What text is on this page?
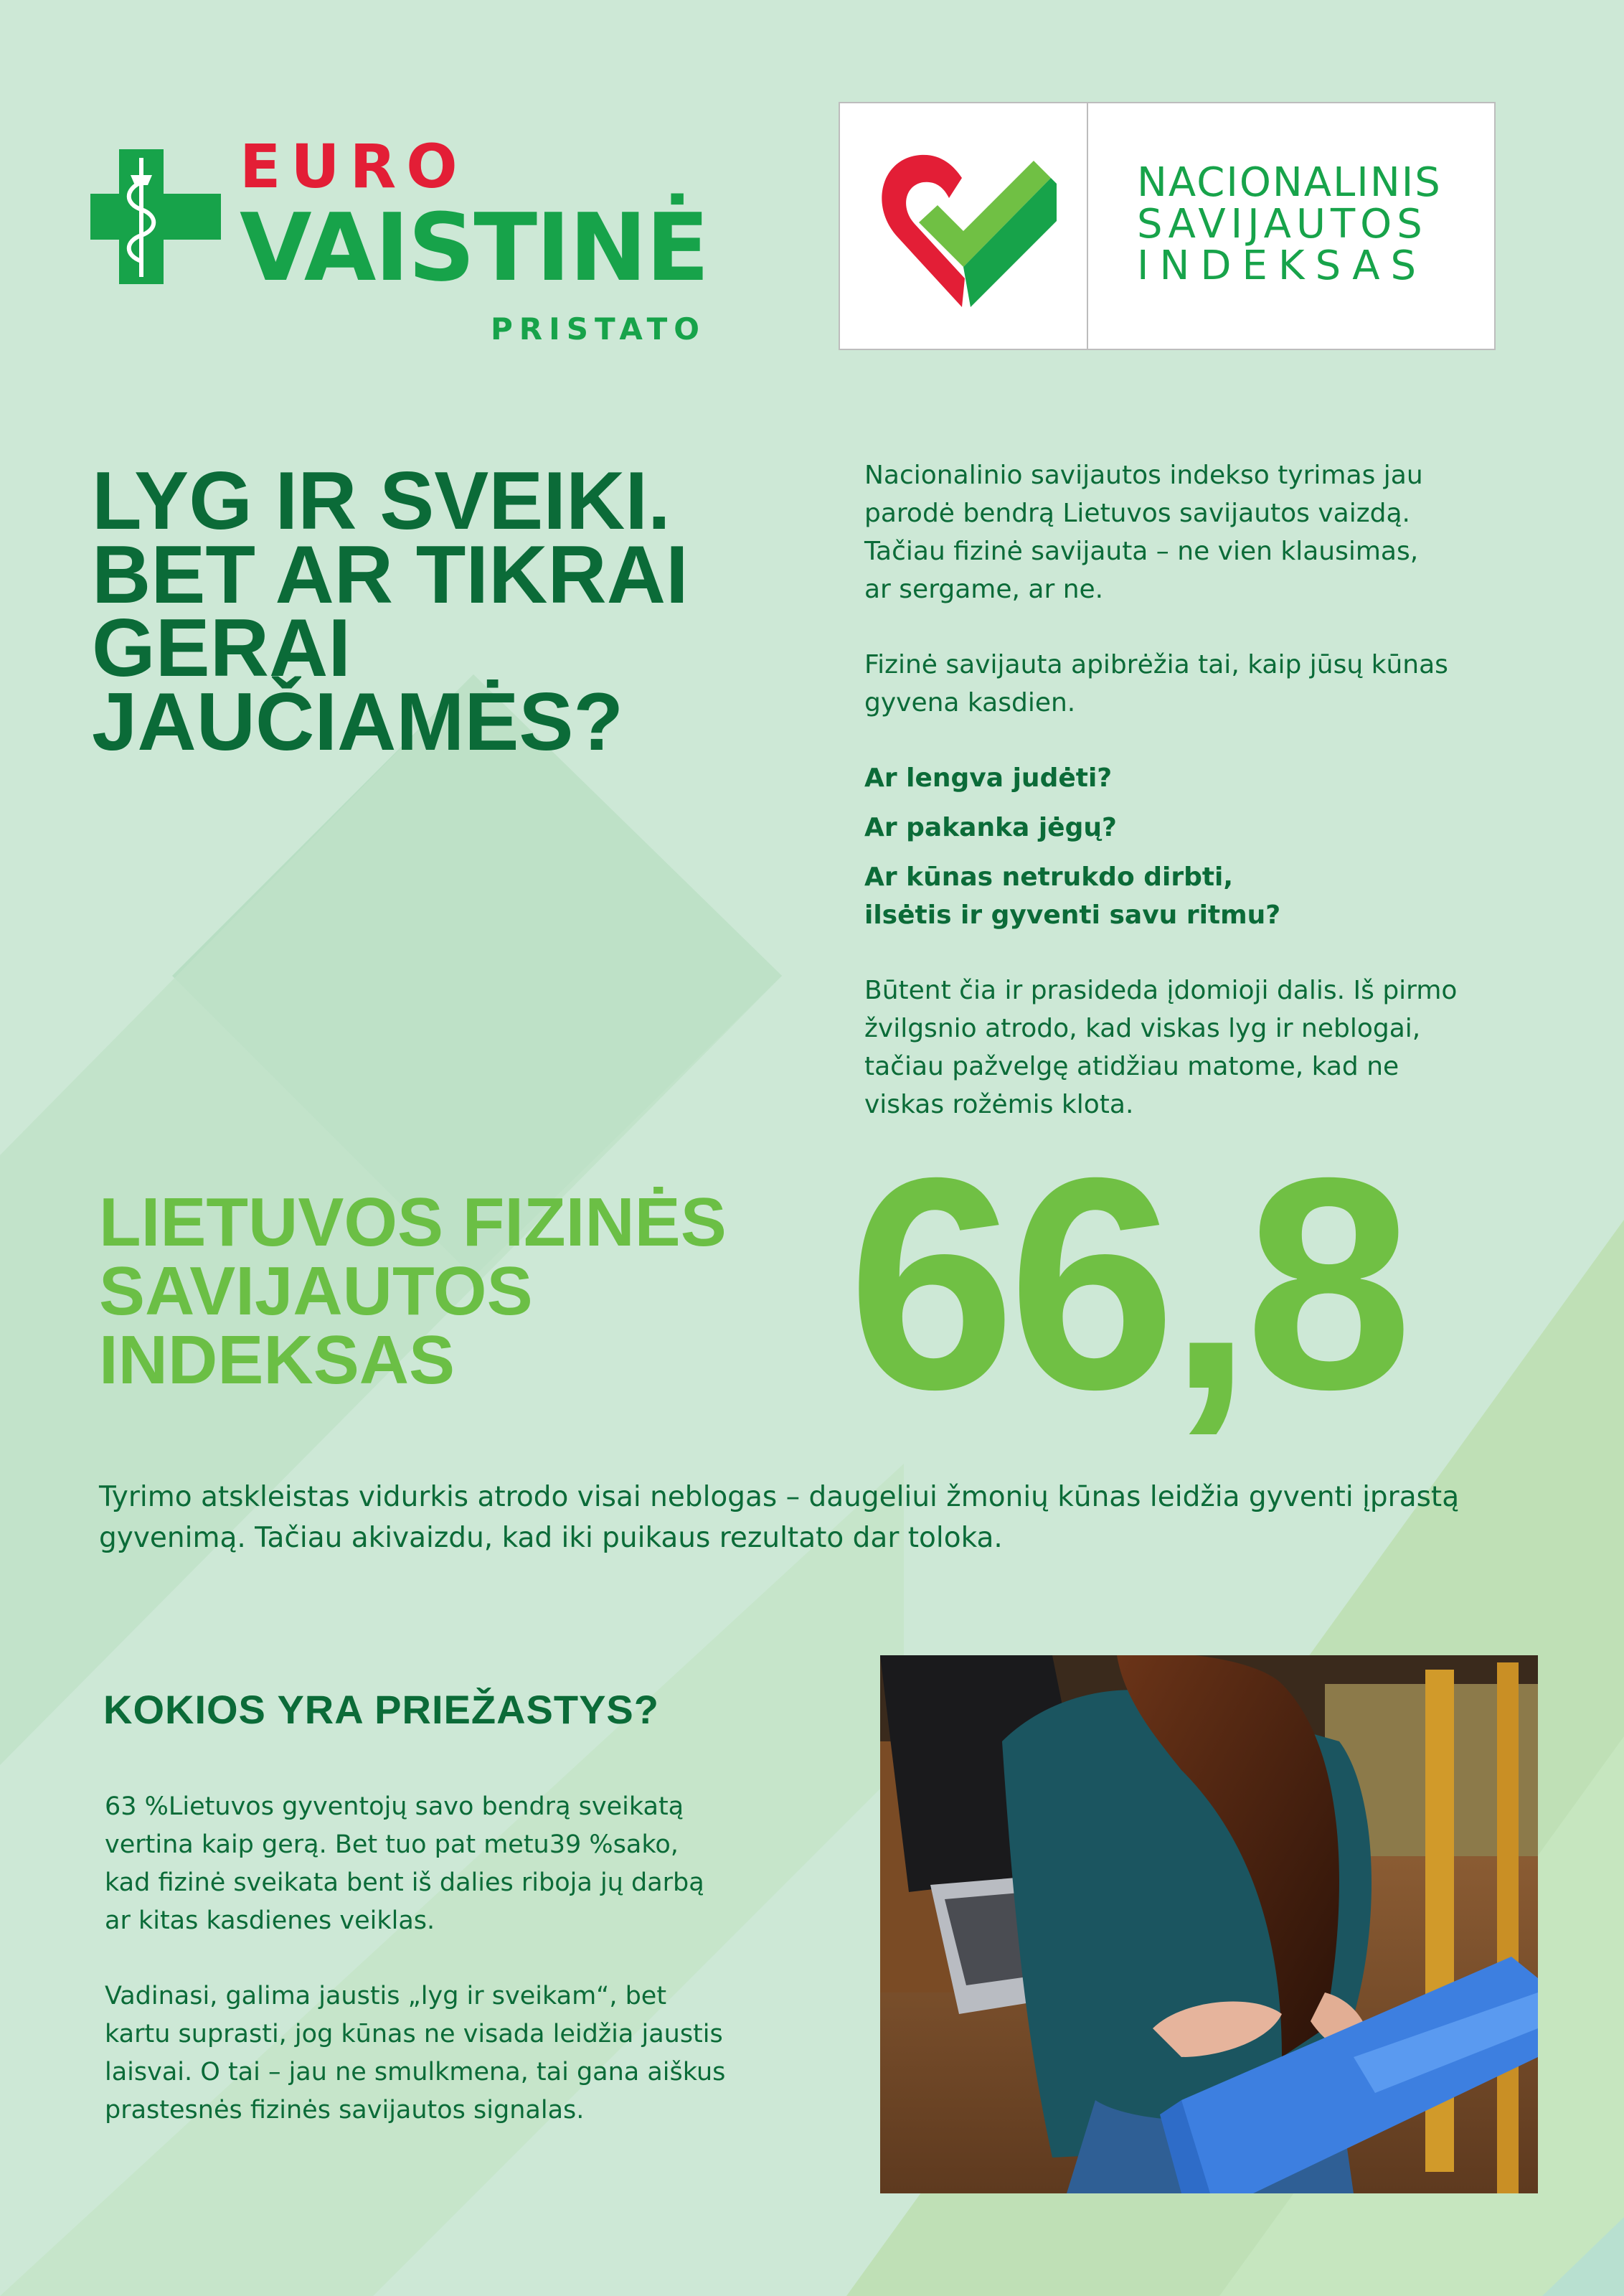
EURO
VAISTINĖ
PRISTATO
NACIONALINIS
SAVIJAUTOS
INDEKSAS
LYG IR SVEIKI.
BET AR TIKRAI
GERAI
JAUČIAMĖS?

Nacionalinio savijautos indekso tyrimas jau

parodė bendrą Lietuvos savijautos vaizdą.

Tačiau fizinė savijauta – ne vien klausimas,

ar sergame, ar ne.

Fizinė savijauta apibrėžia tai, kaip jūsų kūnas

gyvena kasdien.

Ar lengva judėti?

Ar pakanka jėgų?

Ar kūnas netrukdo dirbti,

ilsėtis ir gyventi savu ritmu?

Būtent čia ir prasideda įdomioji dalis. Iš pirmo

žvilgsnio atrodo, kad viskas lyg ir neblogai,

tačiau pažvelgę atidžiau matome, kad ne

viskas rožėmis klota.

LIETUVOS FIZINĖS
SAVIJAUTOS
INDEKSAS	66,8
Tyrimo atskleistas vidurkis atrodo visai neblogas – daugeliui žmonių kūnas leidžia gyventi įprastą
gyvenimą. Tačiau akivaizdu, kad iki puikaus rezultato dar toloka.
KOKIOS YRA PRIEŽASTYS?

63 %Lietuvos gyventojų savo bendrą sveikatą

vertina kaip gerą. Bet tuo pat metu39 %sako,

kad fizinė sveikata bent iš dalies riboja jų darbą

ar kitas kasdienes veiklas.

Vadinasi, galima jaustis „lyg ir sveikam“, bet

kartu suprasti, jog kūnas ne visada leidžia jaustis

laisvai. O tai – jau ne smulkmena, tai gana aiškus

prastesnės fizinės savijautos signalas.
